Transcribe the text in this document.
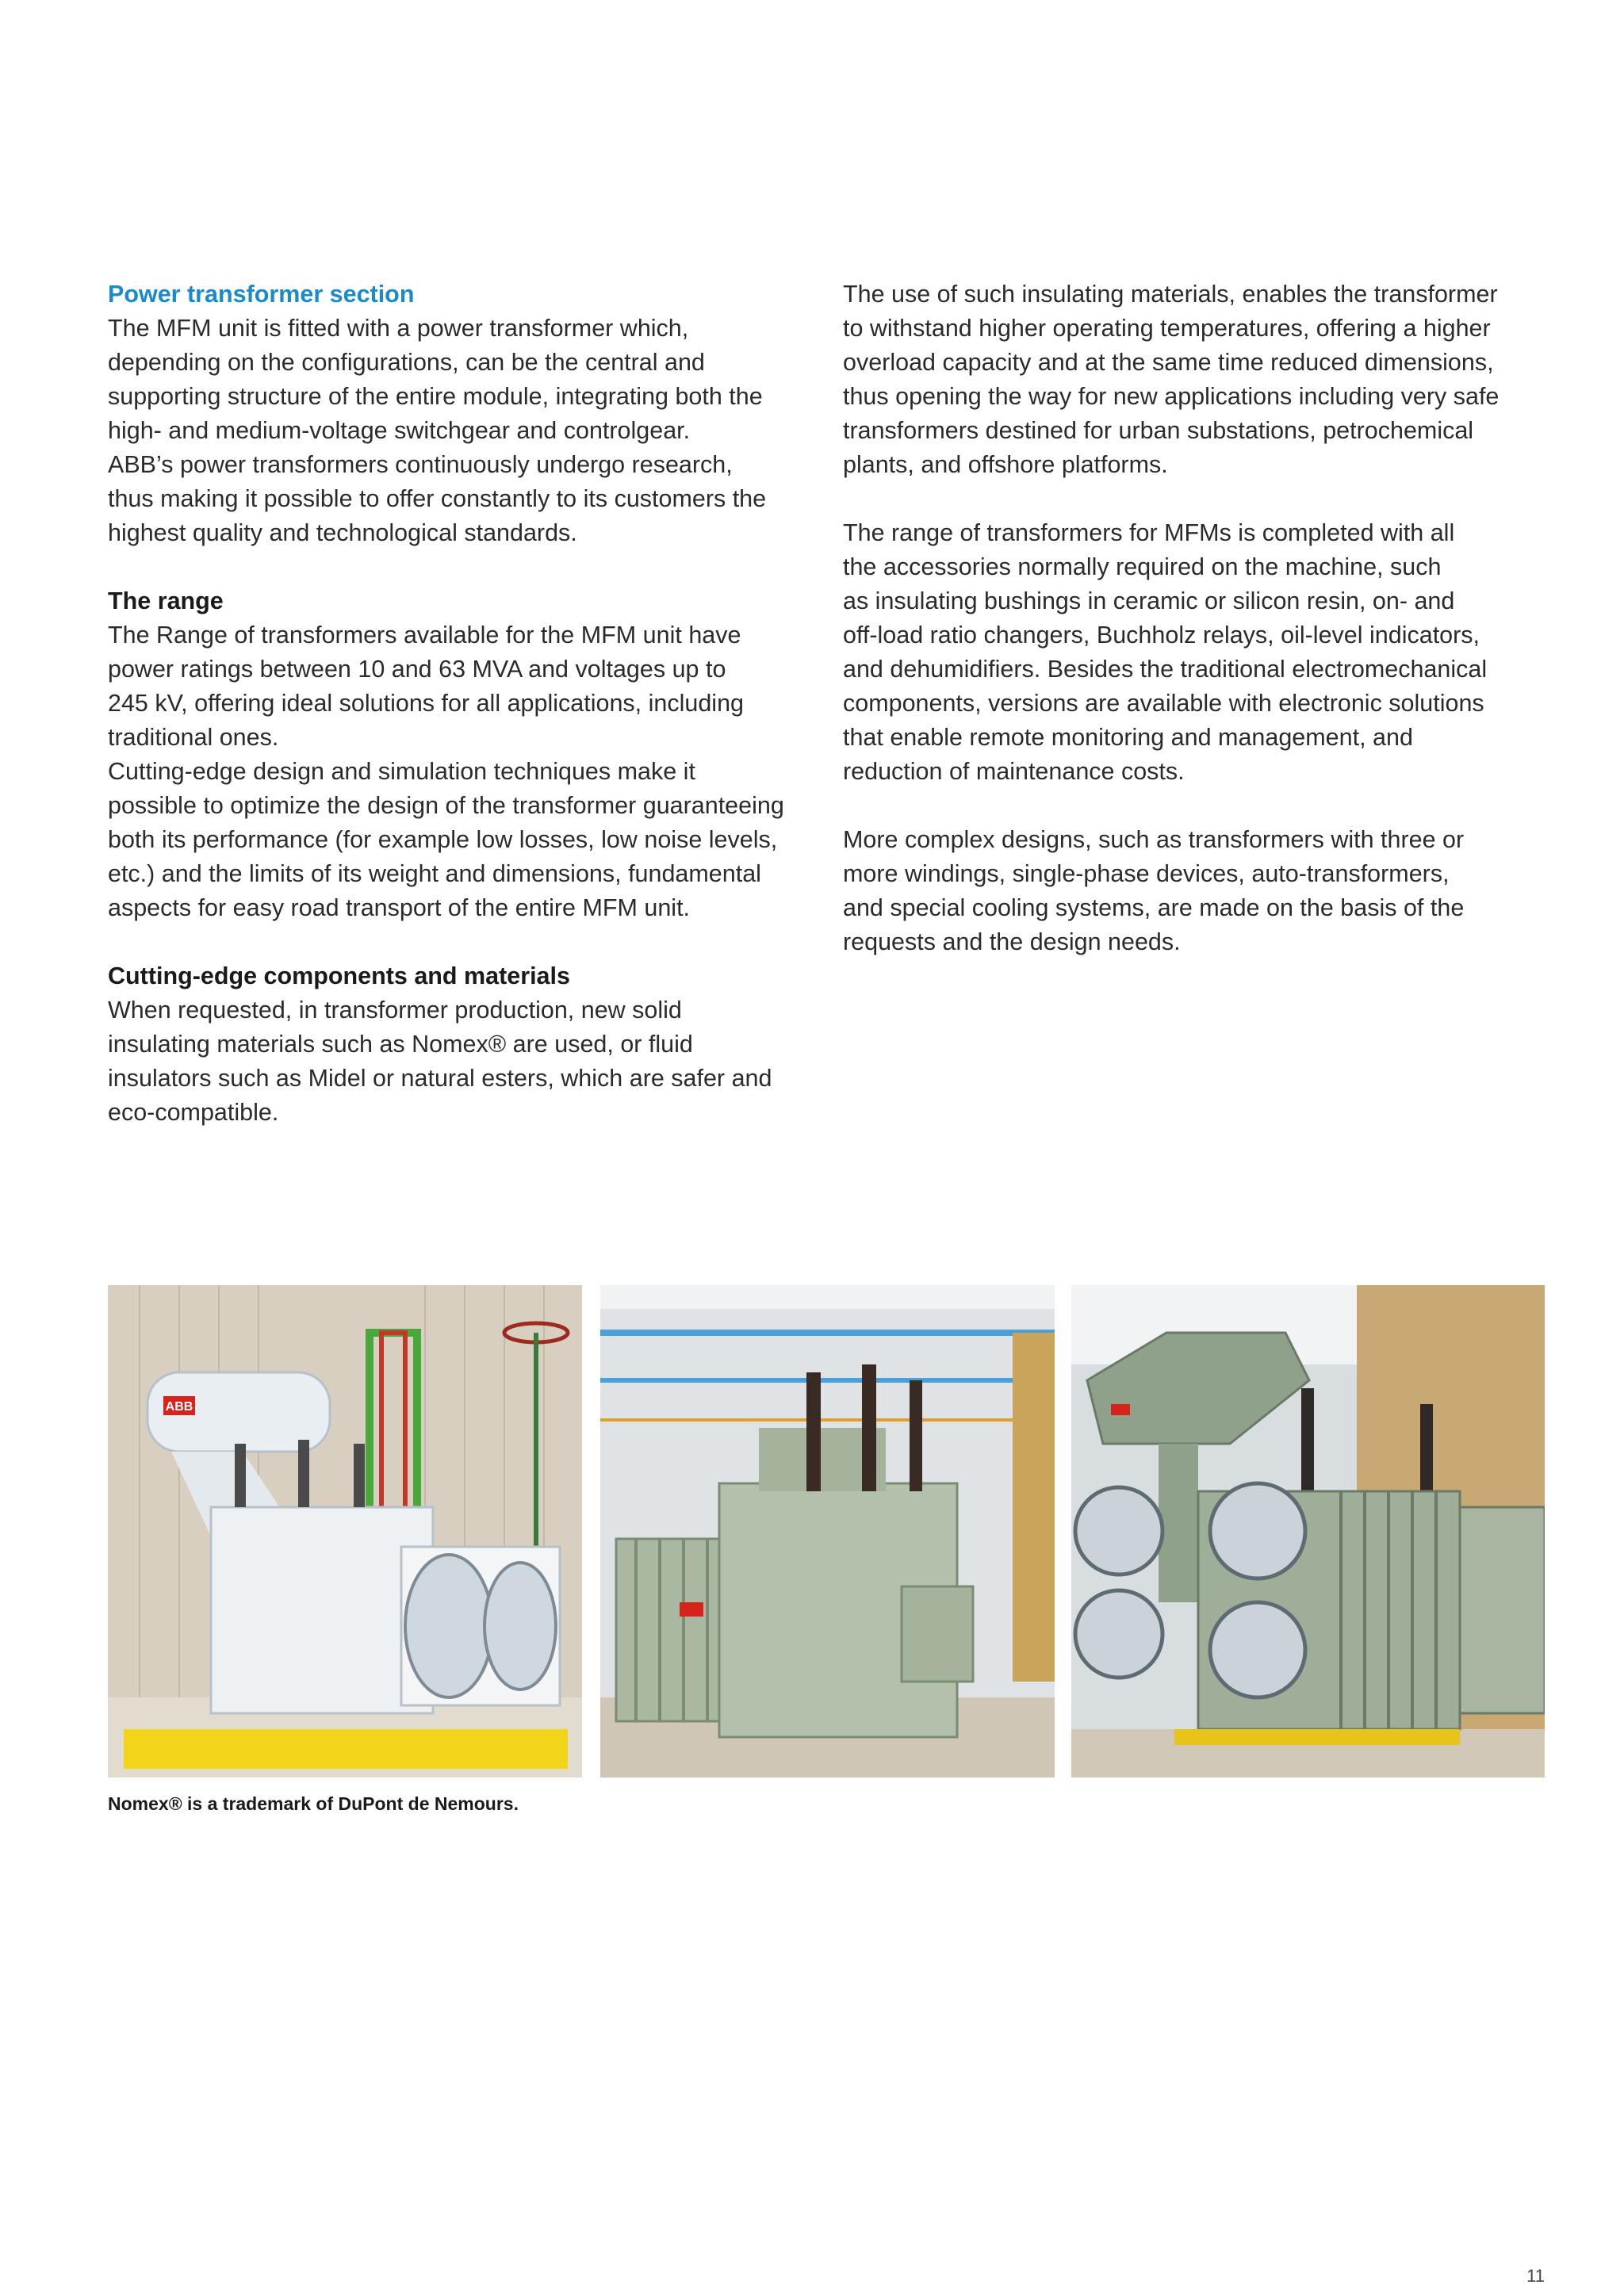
Power transformer section

The MFM unit is fitted with a power transformer which,

depending on the configurations, can be the central and

supporting structure of the entire module, integrating both the

high- and medium-voltage switchgear and controlgear.

ABB’s power transformers continuously undergo research,

thus making it possible to offer constantly to its customers the

highest quality and technological standards.

The range

The Range of transformers available for the MFM unit have

power ratings between 10 and 63 MVA and voltages up to

245 kV, offering ideal solutions for all applications, including

traditional ones.

Cutting-edge design and simulation techniques make it

possible to optimize the design of the transformer guaranteeing

both its performance (for example low losses, low noise levels,

etc.) and the limits of its weight and dimensions, fundamental

aspects for easy road transport of the entire MFM unit.

Cutting-edge components and materials

When requested, in transformer production, new solid

insulating materials such as Nomex® are used, or fluid

insulators such as Midel or natural esters, which are safer and

eco-compatible.

The use of such insulating materials, enables the transformer

to withstand higher operating temperatures, offering a higher

overload capacity and at the same time reduced dimensions,

thus opening the way for new applications including very safe

transformers destined for urban substations, petrochemical

plants, and offshore platforms.

The range of transformers for MFMs is completed with all

the accessories normally required on the machine, such

as insulating bushings in ceramic or silicon resin, on- and

off-load ratio changers, Buchholz relays, oil-level indicators,

and dehumidifiers. Besides the traditional electromechanical

components, versions are available with electronic solutions

that enable remote monitoring and management, and

reduction of maintenance costs.

More complex designs, such as transformers with three or

more windings, single-phase devices, auto-transformers,

and special cooling systems, are made on the basis of the

requests and the design needs.

ABB
Nomex® is a trademark of DuPont de Nemours.
11
